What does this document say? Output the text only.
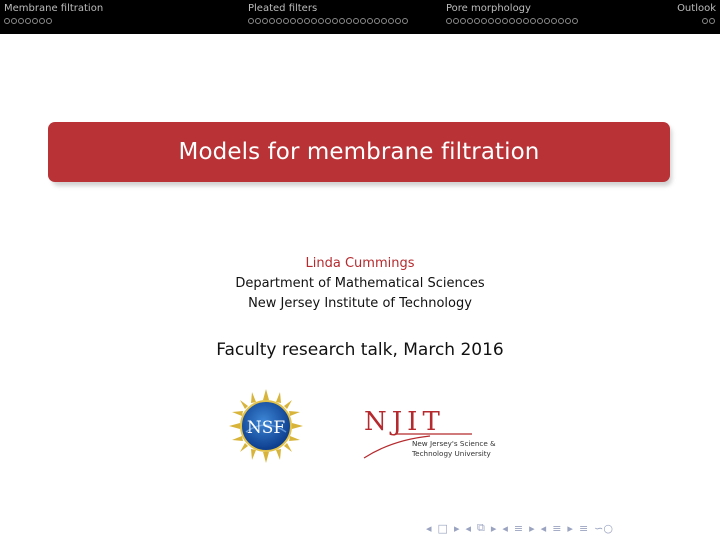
Membrane filtration	Pleated filters	Pore morphology	Outlook
Models for membrane filtration
Linda Cummings
Department of Mathematical Sciences
New Jersey Institute of Technology
Faculty research talk, March 2016
NSF	NJIT
New Jersey's Science &
Technology University
◂ □ ▸ ◂ ⧉ ▸ ◂ ≡ ▸ ◂ ≡ ▸ ≡ ∽○
